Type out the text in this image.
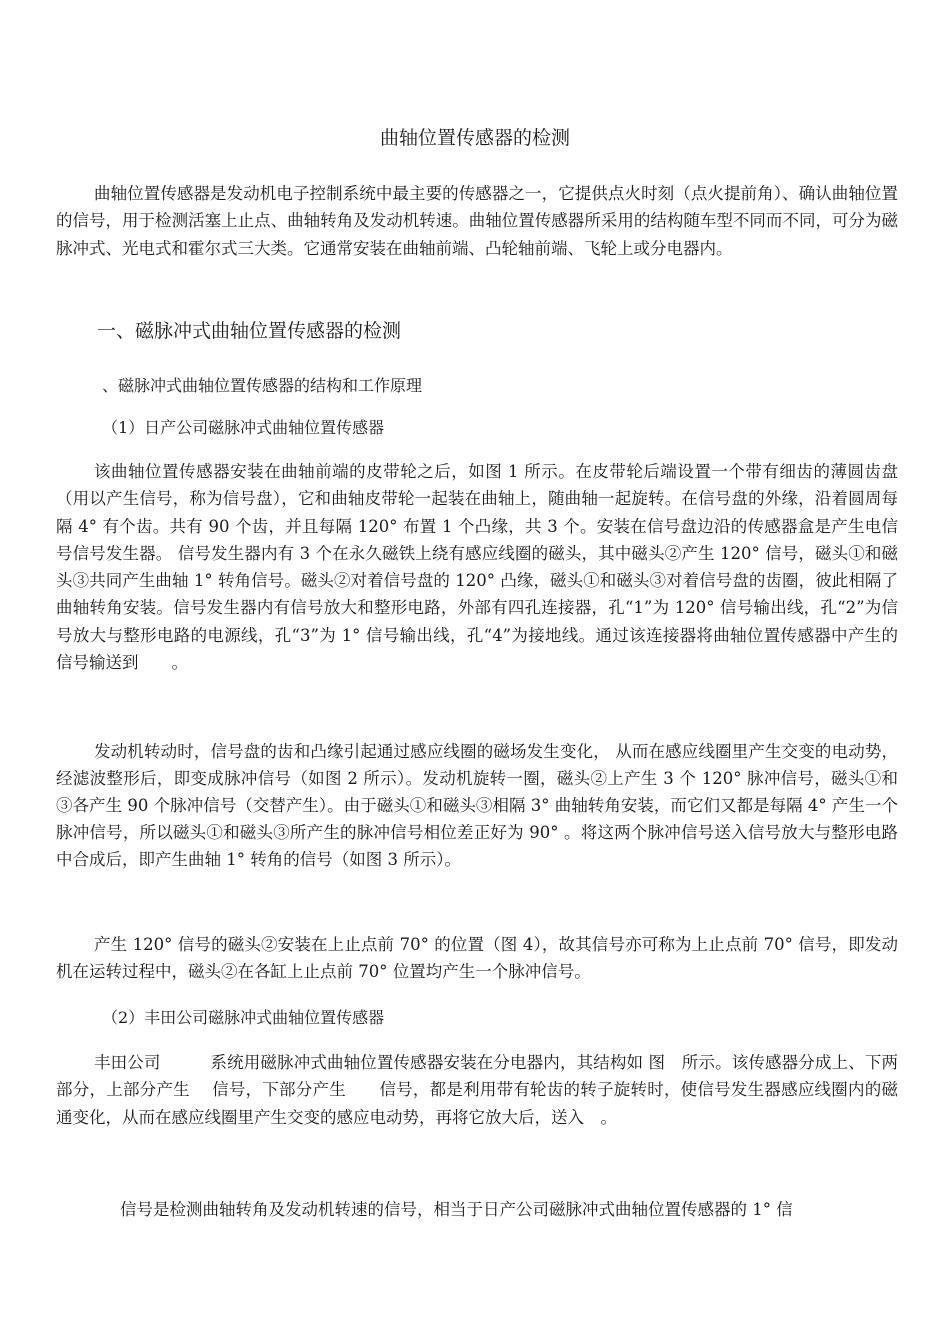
曲轴位置传感器的检测

曲轴位置传感器是发动机电子控制系统中最主要的传感器之一，它提供点火时刻（点火提前角）、确认曲轴位置的信号，用于检测活塞上止点、曲轴转角及发动机转速。曲轴位置传感器所采用的结构随车型不同而不同，可分为磁脉冲式、光电式和霍尔式三大类。它通常安装在曲轴前端、凸轮轴前端、飞轮上或分电器内。

一、磁脉冲式曲轴位置传感器的检测
、磁脉冲式曲轴位置传感器的结构和工作原理
（1）日产公司磁脉冲式曲轴位置传感器

该曲轴位置传感器安装在曲轴前端的皮带轮之后，如图 1 所示。在皮带轮后端设置一个带有细齿的薄圆齿盘（用以产生信号，称为信号盘），它和曲轴皮带轮一起装在曲轴上，随曲轴一起旋转。在信号盘的外缘，沿着圆周每隔 4° 有个齿。共有 90 个齿，并且每隔 120° 布置 1 个凸缘，共 3 个。安装在信号盘边沿的传感器盒是产生电信号信号发生器。 信号发生器内有 3 个在永久磁铁上绕有感应线圈的磁头，其中磁头②产生 120° 信号，磁头①和磁头③共同产生曲轴 1° 转角信号。磁头②对着信号盘的 120° 凸缘，磁头①和磁头③对着信号盘的齿圈，彼此相隔了曲轴转角安装。信号发生器内有信号放大和整形电路，外部有四孔连接器，孔“1”为 120° 信号输出线，孔“2”为信号放大与整形电路的电源线，孔“3”为 1° 信号输出线，孔“4”为接地线。通过该连接器将曲轴位置传感器中产生的信号输送到　　。

发动机转动时，信号盘的齿和凸缘引起通过感应线圈的磁场发生变化， 从而在感应线圈里产生交变的电动势，经滤波整形后，即变成脉冲信号（如图 2 所示）。发动机旋转一圈，磁头②上产生 3 个 120° 脉冲信号，磁头①和③各产生 90 个脉冲信号（交替产生）。由于磁头①和磁头③相隔 3° 曲轴转角安装，而它们又都是每隔 4° 产生一个脉冲信号，所以磁头①和磁头③所产生的脉冲信号相位差正好为 90° 。将这两个脉冲信号送入信号放大与整形电路中合成后，即产生曲轴 1° 转角的信号（如图 3 所示）。

产生 120° 信号的磁头②安装在上止点前 70° 的位置（图 4），故其信号亦可称为上止点前 70° 信号，即发动机在运转过程中，磁头②在各缸上止点前 70° 位置均产生一个脉冲信号。

（2）丰田公司磁脉冲式曲轴位置传感器

丰田公司　　　系统用磁脉冲式曲轴位置传感器安装在分电器内，其结构如 图　所示。该传感器分成上、下两部分，上部分产生　 信号，下部分产生　　信号，都是利用带有轮齿的转子旋转时，使信号发生器感应线圈内的磁通变化，从而在感应线圈里产生交变的感应电动势，再将它放大后，送入　。

信号是检测曲轴转角及发动机转速的信号，相当于日产公司磁脉冲式曲轴位置传感器的 1° 信
